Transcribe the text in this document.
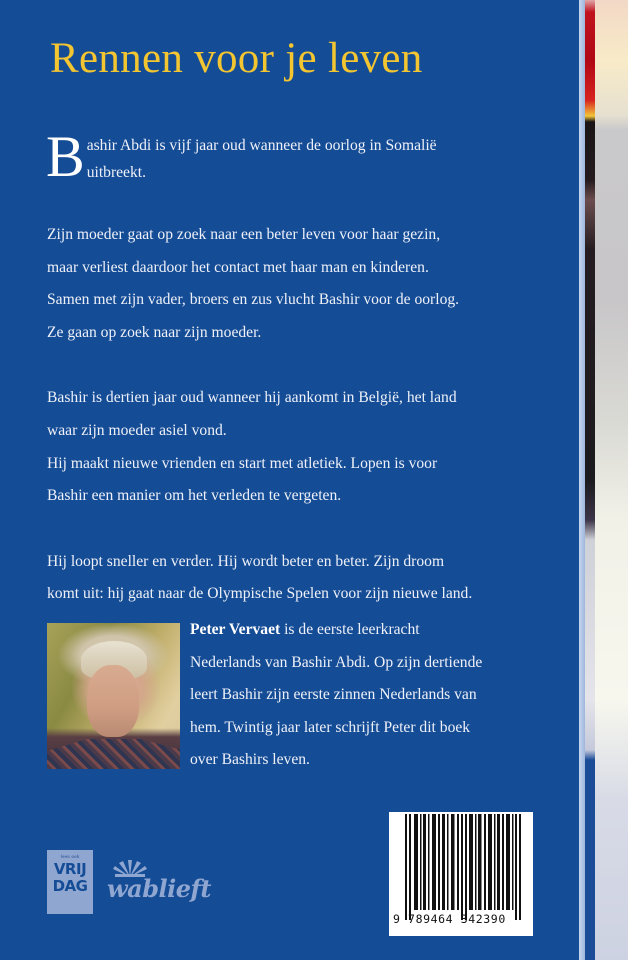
Rennen voor je leven
B ashir Abdi is vijf jaar oud wanneer de oorlog in Somalië
uitbreekt.
Zijn moeder gaat op zoek naar een beter leven voor haar gezin,
maar verliest daardoor het contact met haar man en kinderen.
Samen met zijn vader, broers en zus vlucht Bashir voor de oorlog.
Ze gaan op zoek naar zijn moeder.
Bashir is dertien jaar oud wanneer hij aankomt in België, het land
waar zijn moeder asiel vond.
Hij maakt nieuwe vrienden en start met atletiek. Lopen is voor
Bashir een manier om het verleden te vergeten.
Hij loopt sneller en verder. Hij wordt beter en beter. Zijn droom
komt uit: hij gaat naar de Olympische Spelen voor zijn nieuwe land.
Peter Vervaet is de eerste leerkracht
Nederlands van Bashir Abdi. Op zijn dertiende
leert Bashir zijn eerste zinnen Nederlands van
hem. Twintig jaar later schrijft Peter dit boek
over Bashirs leven.
lees ook
VRIJ
DAG wablieft
9 789464 342390
